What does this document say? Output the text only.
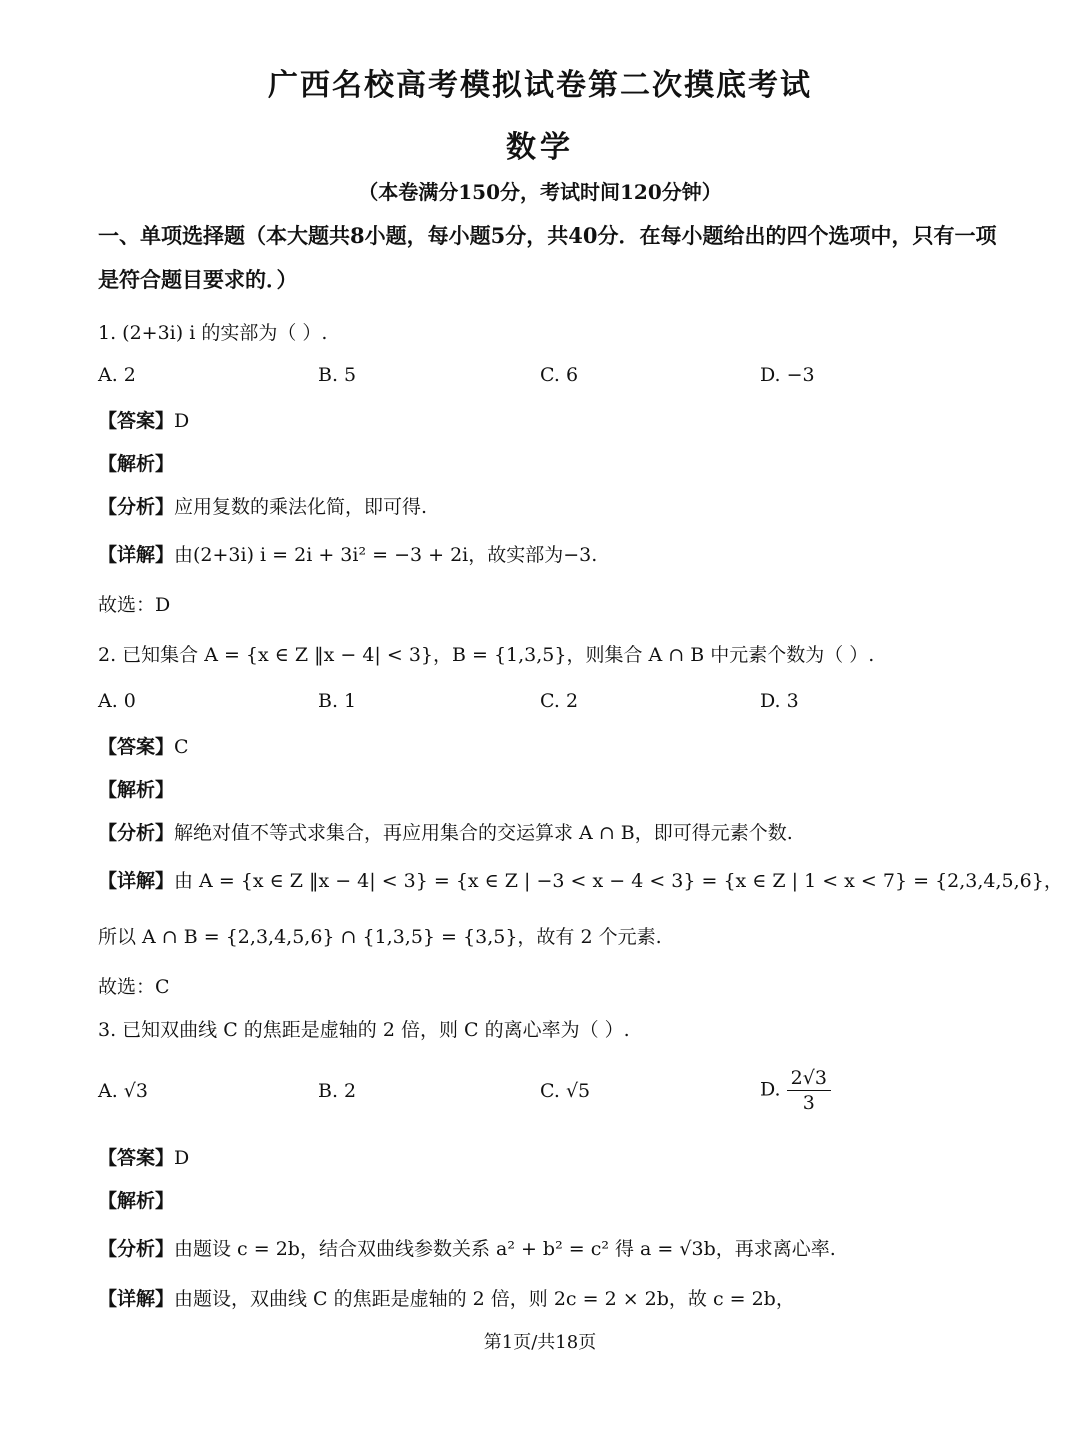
广西名校高考模拟试卷第二次摸底考试
数学
（本卷满分150分，考试时间120分钟）
一、单项选择题（本大题共8小题，每小题5分，共40分．在每小题给出的四个选项中，只有一项是符合题目要求的．）
1. (2+3i) i 的实部为（ ）.
A. 2	B. 5	C. 6	D. −3
【答案】D
【解析】
【分析】应用复数的乘法化简，即可得.
【详解】由(2+3i) i = 2i + 3i² = −3 + 2i，故实部为−3.
故选：D
2. 已知集合 A = {x ∈ Z ‖x − 4| < 3}，B = {1,3,5}，则集合 A ∩ B 中元素个数为（ ）.
A. 0	B. 1	C. 2	D. 3
【答案】C
【解析】
【分析】解绝对值不等式求集合，再应用集合的交运算求 A ∩ B，即可得元素个数.
【详解】由 A = {x ∈ Z ‖x − 4| < 3} = {x ∈ Z | −3 < x − 4 < 3} = {x ∈ Z | 1 < x < 7} = {2,3,4,5,6}，
所以 A ∩ B = {2,3,4,5,6} ∩ {1,3,5} = {3,5}，故有 2 个元素.
故选：C
3. 已知双曲线 C 的焦距是虚轴的 2 倍，则 C 的离心率为（ ）.
A. √3	B. 2	C. √5	D. $\frac{2√3}{3}$
【答案】D
【解析】
【分析】由题设 c = 2b，结合双曲线参数关系 a² + b² = c² 得 a = √3b，再求离心率.
【详解】由题设，双曲线 C 的焦距是虚轴的 2 倍，则 2c = 2 × 2b，故 c = 2b，
第1页/共18页
